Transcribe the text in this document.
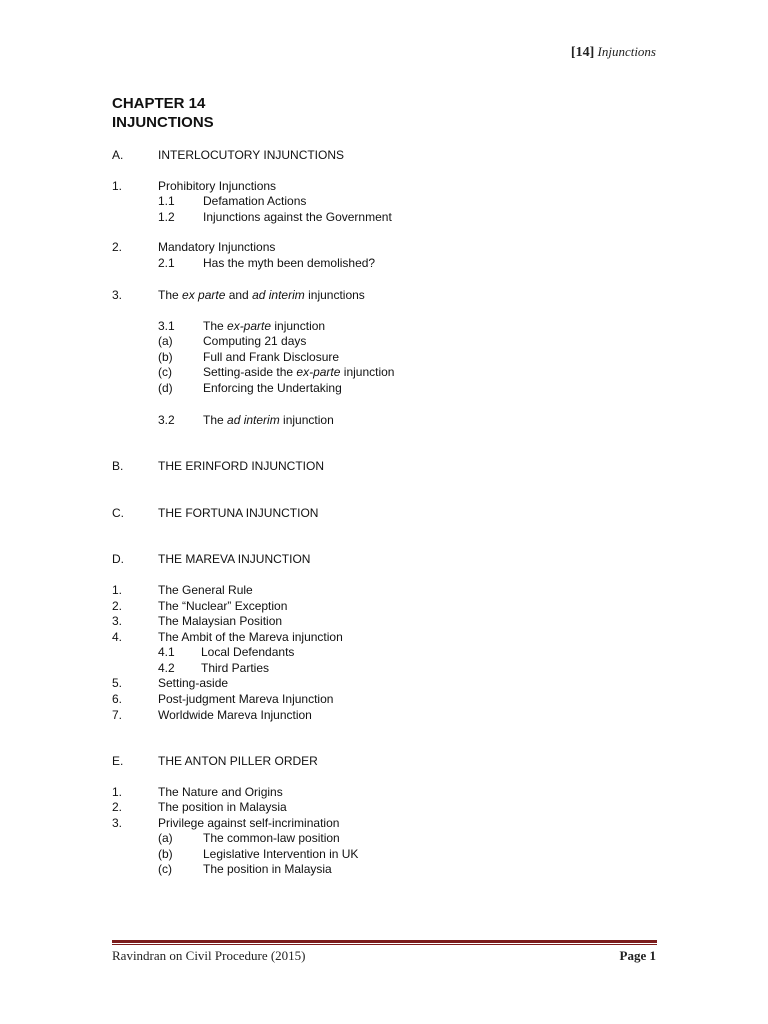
[14] Injunctions
CHAPTER 14
INJUNCTIONS
A.	INTERLOCUTORY INJUNCTIONS
1.	Prohibitory Injunctions
1.1 Defamation Actions
1.2 Injunctions against the Government
2.	Mandatory Injunctions
2.1 Has the myth been demolished?
3.	The ex parte and ad interim injunctions
3.1 The ex-parte injunction
(a)	Computing 21 days
(b)	Full and Frank Disclosure
(c)	Setting-aside the ex-parte injunction
(d)	Enforcing the Undertaking
3.2 The ad interim injunction
B.	THE ERINFORD INJUNCTION
C.	THE FORTUNA INJUNCTION
D.	THE MAREVA INJUNCTION
1.	The General Rule
2.	The “Nuclear” Exception
3.	The Malaysian Position
4.	The Ambit of the Mareva injunction
4.1 Local Defendants
4.2 Third Parties
5.	Setting-aside
6.	Post-judgment Mareva Injunction
7.	Worldwide Mareva Injunction
E.	THE ANTON PILLER ORDER
1.	The Nature and Origins
2.	The position in Malaysia
3.	Privilege against self-incrimination
(a)	The common-law position
(b)	Legislative Intervention in UK
(c)	The position in Malaysia
Ravindran on Civil Procedure (2015)	Page 1
